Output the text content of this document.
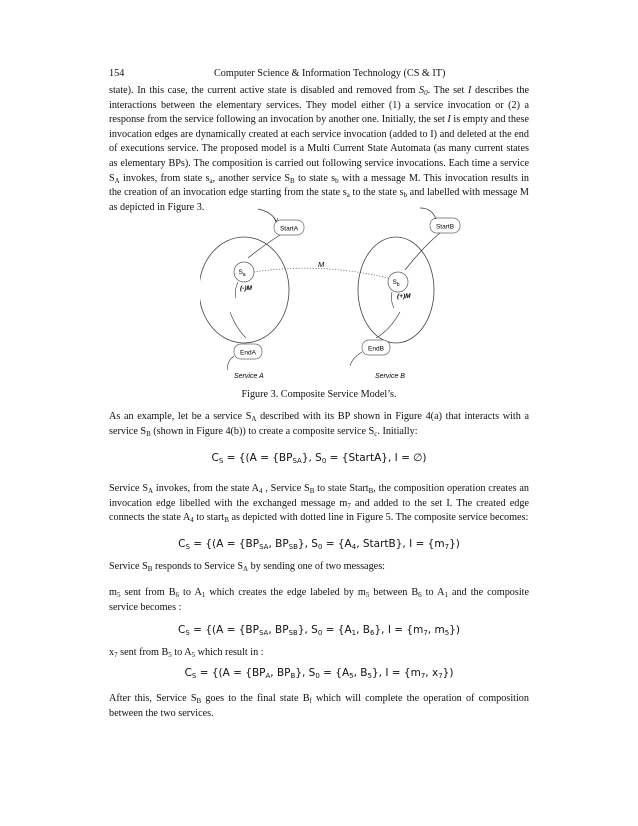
154	Computer Science & Information Technology (CS & IT)

state). In this case, the current active state is disabled and removed from $S_0$. The set I describes the interactions between the elementary services. They model either (1) a service invocation or (2) a response from the service following an invocation by another one. Initially, the set I is empty and these invocation edges are dynamically created at each service invocation (added to I) and deleted at the end of executions service. The proposed model is a Multi Current State Automata (as many current states as elementary BPs). The composition is carried out following service invocations. Each time a service $S_A$ invokes, from state $s_a$, another service $S_B$ to state $s_b$ with a message M. This invocation results in the creation of an invocation edge starting from the state $s_a$ to the state $s_b$ and labelled with message M as depicted in Figure 3.

StartA	StartB
$S_a$
(-)M
$S_b$
(+)M
M
EndA
EndB
Service A	Service B
Figure 3. Composite Service Model’s.

As an example, let be a service $S_A$ described with its BP shown in Figure 4(a) that interacts with a service $S_B$ (shown in Figure 4(b)) to create a composite service $S_c$. Initially:

$C_S = \{(A = \{BP_{SA}\}$, $S_0$ = {StartA}, I = ∅)

Service $S_A$ invokes, from the state $A_4$ , Service $S_B$ to state Start$_B$, the composition operation creates an invocation edge libelled with the exchanged message $m_7$ and added to the set I. The created edge connects the state $A_4$ to start$_B$ as depicted with dotted line in Figure 5. The composite service becomes:

$C_S = \{(A = \{BP_{SA}$, $BP_{SB}$}, $S_0 = \{A_4$, StartB}, $I = \{m_7\}$)

Service $S_B$ responds to Service $S_A$ by sending one of two messages:

$m_5$ sent from $B_6$ to $A_1$ which creates the edge labeled by $m_5$ between $B_6$ to $A_1$ and the composite service becomes :

$C_S = \{(A = \{BP_{SA}$, $BP_{SB}$}, $S_0 = \{A_1$, $B_6$}, $I = \{m_7$, $m_5$})

$x_7$ sent from $B_5$ to $A_5$ which result in :

$C_S = \{(A = \{BP_A$, $BP_B$}, $S_0 = \{A_5$, $B_5$}, $I = \{m_7$, $x_7$})

After this, Service $S_B$ goes to the final state $B_f$ which will complete the operation of composition between the two services.
